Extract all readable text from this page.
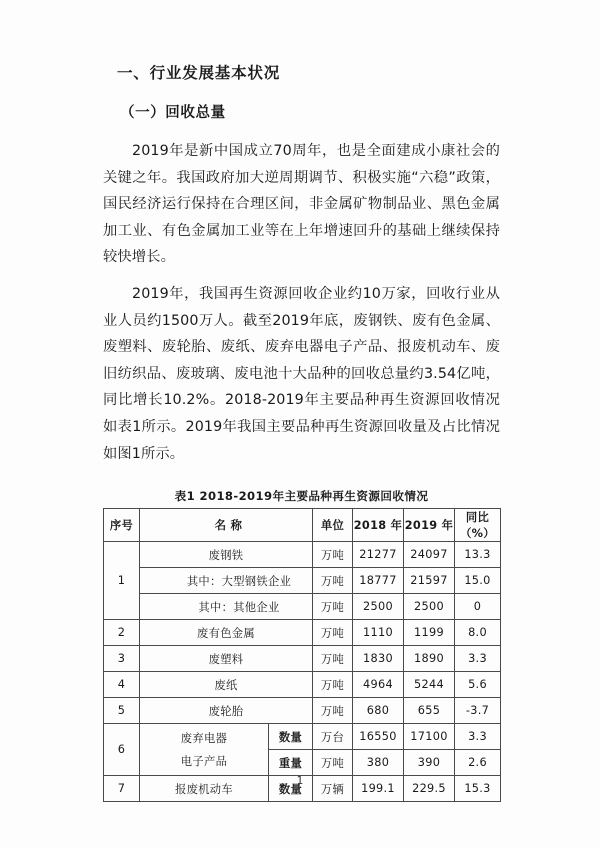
一、行业发展基本状况
（一）回收总量

2019年是新中国成立70周年，也是全面建成小康社会的关键之年。我国政府加大逆周期调节、积极实施“六稳”政策，国民经济运行保持在合理区间，非金属矿物制品业、黑色金属加工业、有色金属加工业等在上年增速回升的基础上继续保持较快增长。

2019年，我国再生资源回收企业约10万家，回收行业从业人员约1500万人。截至2019年底，废钢铁、废有色金属、废塑料、废轮胎、废纸、废弃电器电子产品、报废机动车、废旧纺织品、废玻璃、废电池十大品种的回收总量约3.54亿吨，同比增长10.2%。2018-2019年主要品种再生资源回收情况如表1所示。2019年我国主要品种再生资源回收量及占比情况如图1所示。

表1 2018-2019年主要品种再生资源回收情况
序号	名 称		单位	2018 年	2019 年	同比（%）
1	废钢铁		万吨	21277	24097	13.3
	其中：大型钢铁企业		万吨	18777	21597	15.0
	其中：其他企业		万吨	2500	2500	0
2	废有色金属		万吨	1110	1199	8.0
3	废塑料		万吨	1830	1890	3.3
4	废纸		万吨	4964	5244	5.6
5	废轮胎		万吨	680	655	-3.7
6	废弃电器
电子产品	数量	万台	16550	17100	3.3
		重量	万吨	380	390	2.6
7	报废机动车	数量	万辆	199.1	229.5	15.3
1
